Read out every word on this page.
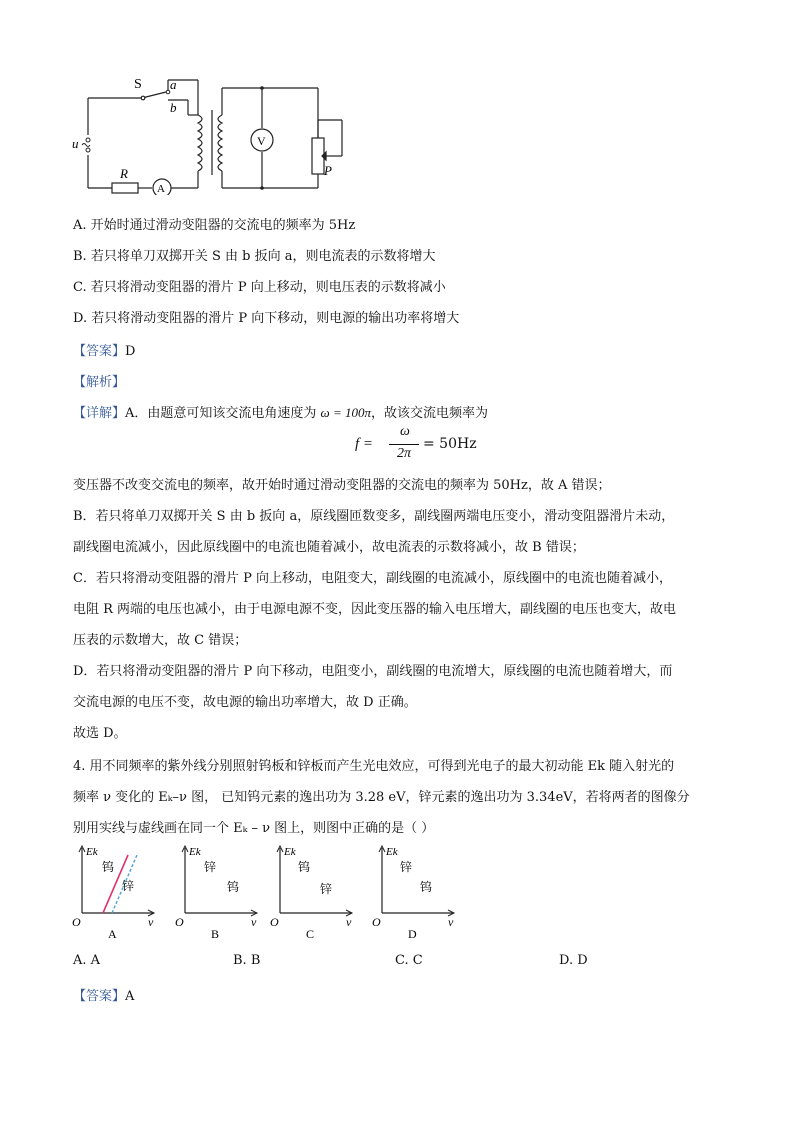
S a
b
u
R
A
V
P
A. 开始时通过滑动变阻器的交流电的频率为 5Hz
B. 若只将单刀双掷开关 S 由 b 扳向 a，则电流表的示数将增大
C. 若只将滑动变阻器的滑片 P 向上移动，则电压表的示数将减小
D. 若只将滑动变阻器的滑片 P 向下移动，则电源的输出功率将增大
【答案】D
【解析】
【详解】A．由题意可知该交流电角速度为 ω = 100π，故该交流电频率为
f =
ω
2π
= 50Hz
变压器不改变交流电的频率，故开始时通过滑动变阻器的交流电的频率为 50Hz，故 A 错误；
B．若只将单刀双掷开关 S 由 b 扳向 a，原线圈匝数变多，副线圈两端电压变小，滑动变阻器滑片未动，
副线圈电流减小，因此原线圈中的电流也随着减小，故电流表的示数将减小，故 B 错误；
C．若只将滑动变阻器的滑片 P 向上移动，电阻变大，副线圈的电流减小，原线圈中的电流也随着减小，
电阻 R 两端的电压也减小，由于电源电源不变，因此变压器的输入电压增大，副线圈的电压也变大，故电
压表的示数增大，故 C 错误；
D．若只将滑动变阻器的滑片 P 向下移动，电阻变小，副线圈的电流增大，原线圈的电流也随着增大，而
交流电源的电压不变，故电源的输出功率增大，故 D 正确。
故选 D。
4. 用不同频率的紫外线分别照射钨板和锌板而产生光电效应，可得到光电子的最大初动能 Ek 随入射光的
频率 ν 变化的 Eₖ–ν 图， 已知钨元素的逸出功为 3.28 eV，锌元素的逸出功为 3.34eV，若将两者的图像分
别用实线与虚线画在同一个 Eₖ – ν 图上，则图中正确的是（ ）
Ek
ν
O
钨
锌
A
Ek
ν
O
钨
锌
B
Ek
ν
O
钨
锌
C
Ek
ν
O
钨
锌
D
A. A	B. B	C. C	D. D
【答案】A
